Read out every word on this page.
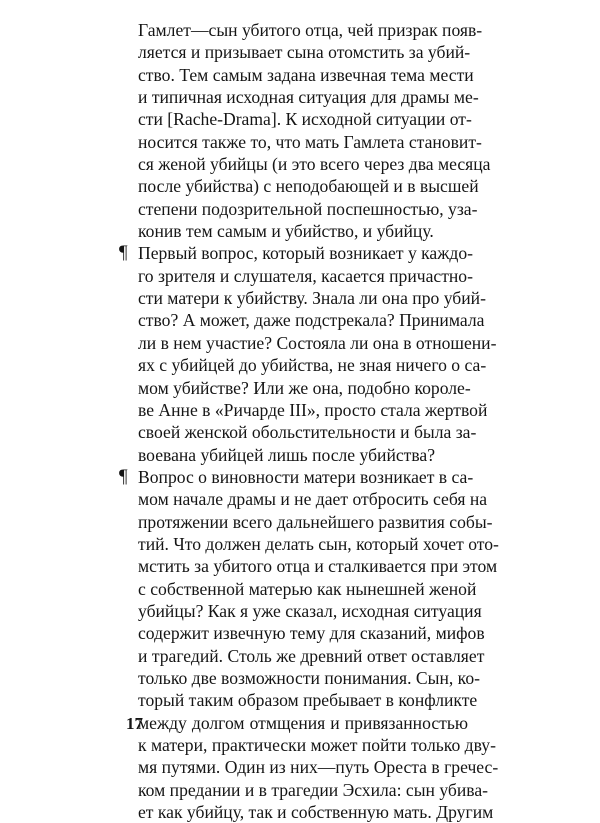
Гамлет—сын убитого отца, чей призрак появ-
ляется и призывает сына отомстить за убий-
ство. Тем самым задана извечная тема мести
и типичная исходная ситуация для драмы ме-
сти [Rache-Drama]. К исходной ситуации от-
носится также то, что мать Гамлета становит-
ся женой убийцы (и это всего через два месяца
после убийства) с неподобающей и в высшей
степени подозрительной поспешностью, уза-
конив тем самым и убийство, и убийцу.
¶ Первый вопрос, который возникает у каждо-
го зрителя и слушателя, касается причастно-
сти матери к убийству. Знала ли она про убий-
ство? А может, даже подстрекала? Принимала
ли в нем участие? Состояла ли она в отношени-
ях с убийцей до убийства, не зная ничего о са-
мом убийстве? Или же она, подобно короле-
ве Анне в «Ричарде III», просто стала жертвой
своей женской обольстительности и была за-
воевана убийцей лишь после убийства?
¶ Вопрос о виновности матери возникает в са-
мом начале драмы и не дает отбросить себя на
протяжении всего дальнейшего развития собы-
тий. Что должен делать сын, который хочет ото-
мстить за убитого отца и сталкивается при этом
с собственной матерью как нынешней женой
убийцы? Как я уже сказал, исходная ситуация
содержит извечную тему для сказаний, мифов
и трагедий. Столь же древний ответ оставляет
только две возможности понимания. Сын, ко-
торый таким образом пребывает в конфликте
между долгом отмщения и привязанностью
к матери, практически может пойти только дву-
мя путями. Один из них—путь Ореста в гречес-
ком предании и в трагедии Эсхила: сын убива-
ет как убийцу, так и собственную мать. Другим
17
